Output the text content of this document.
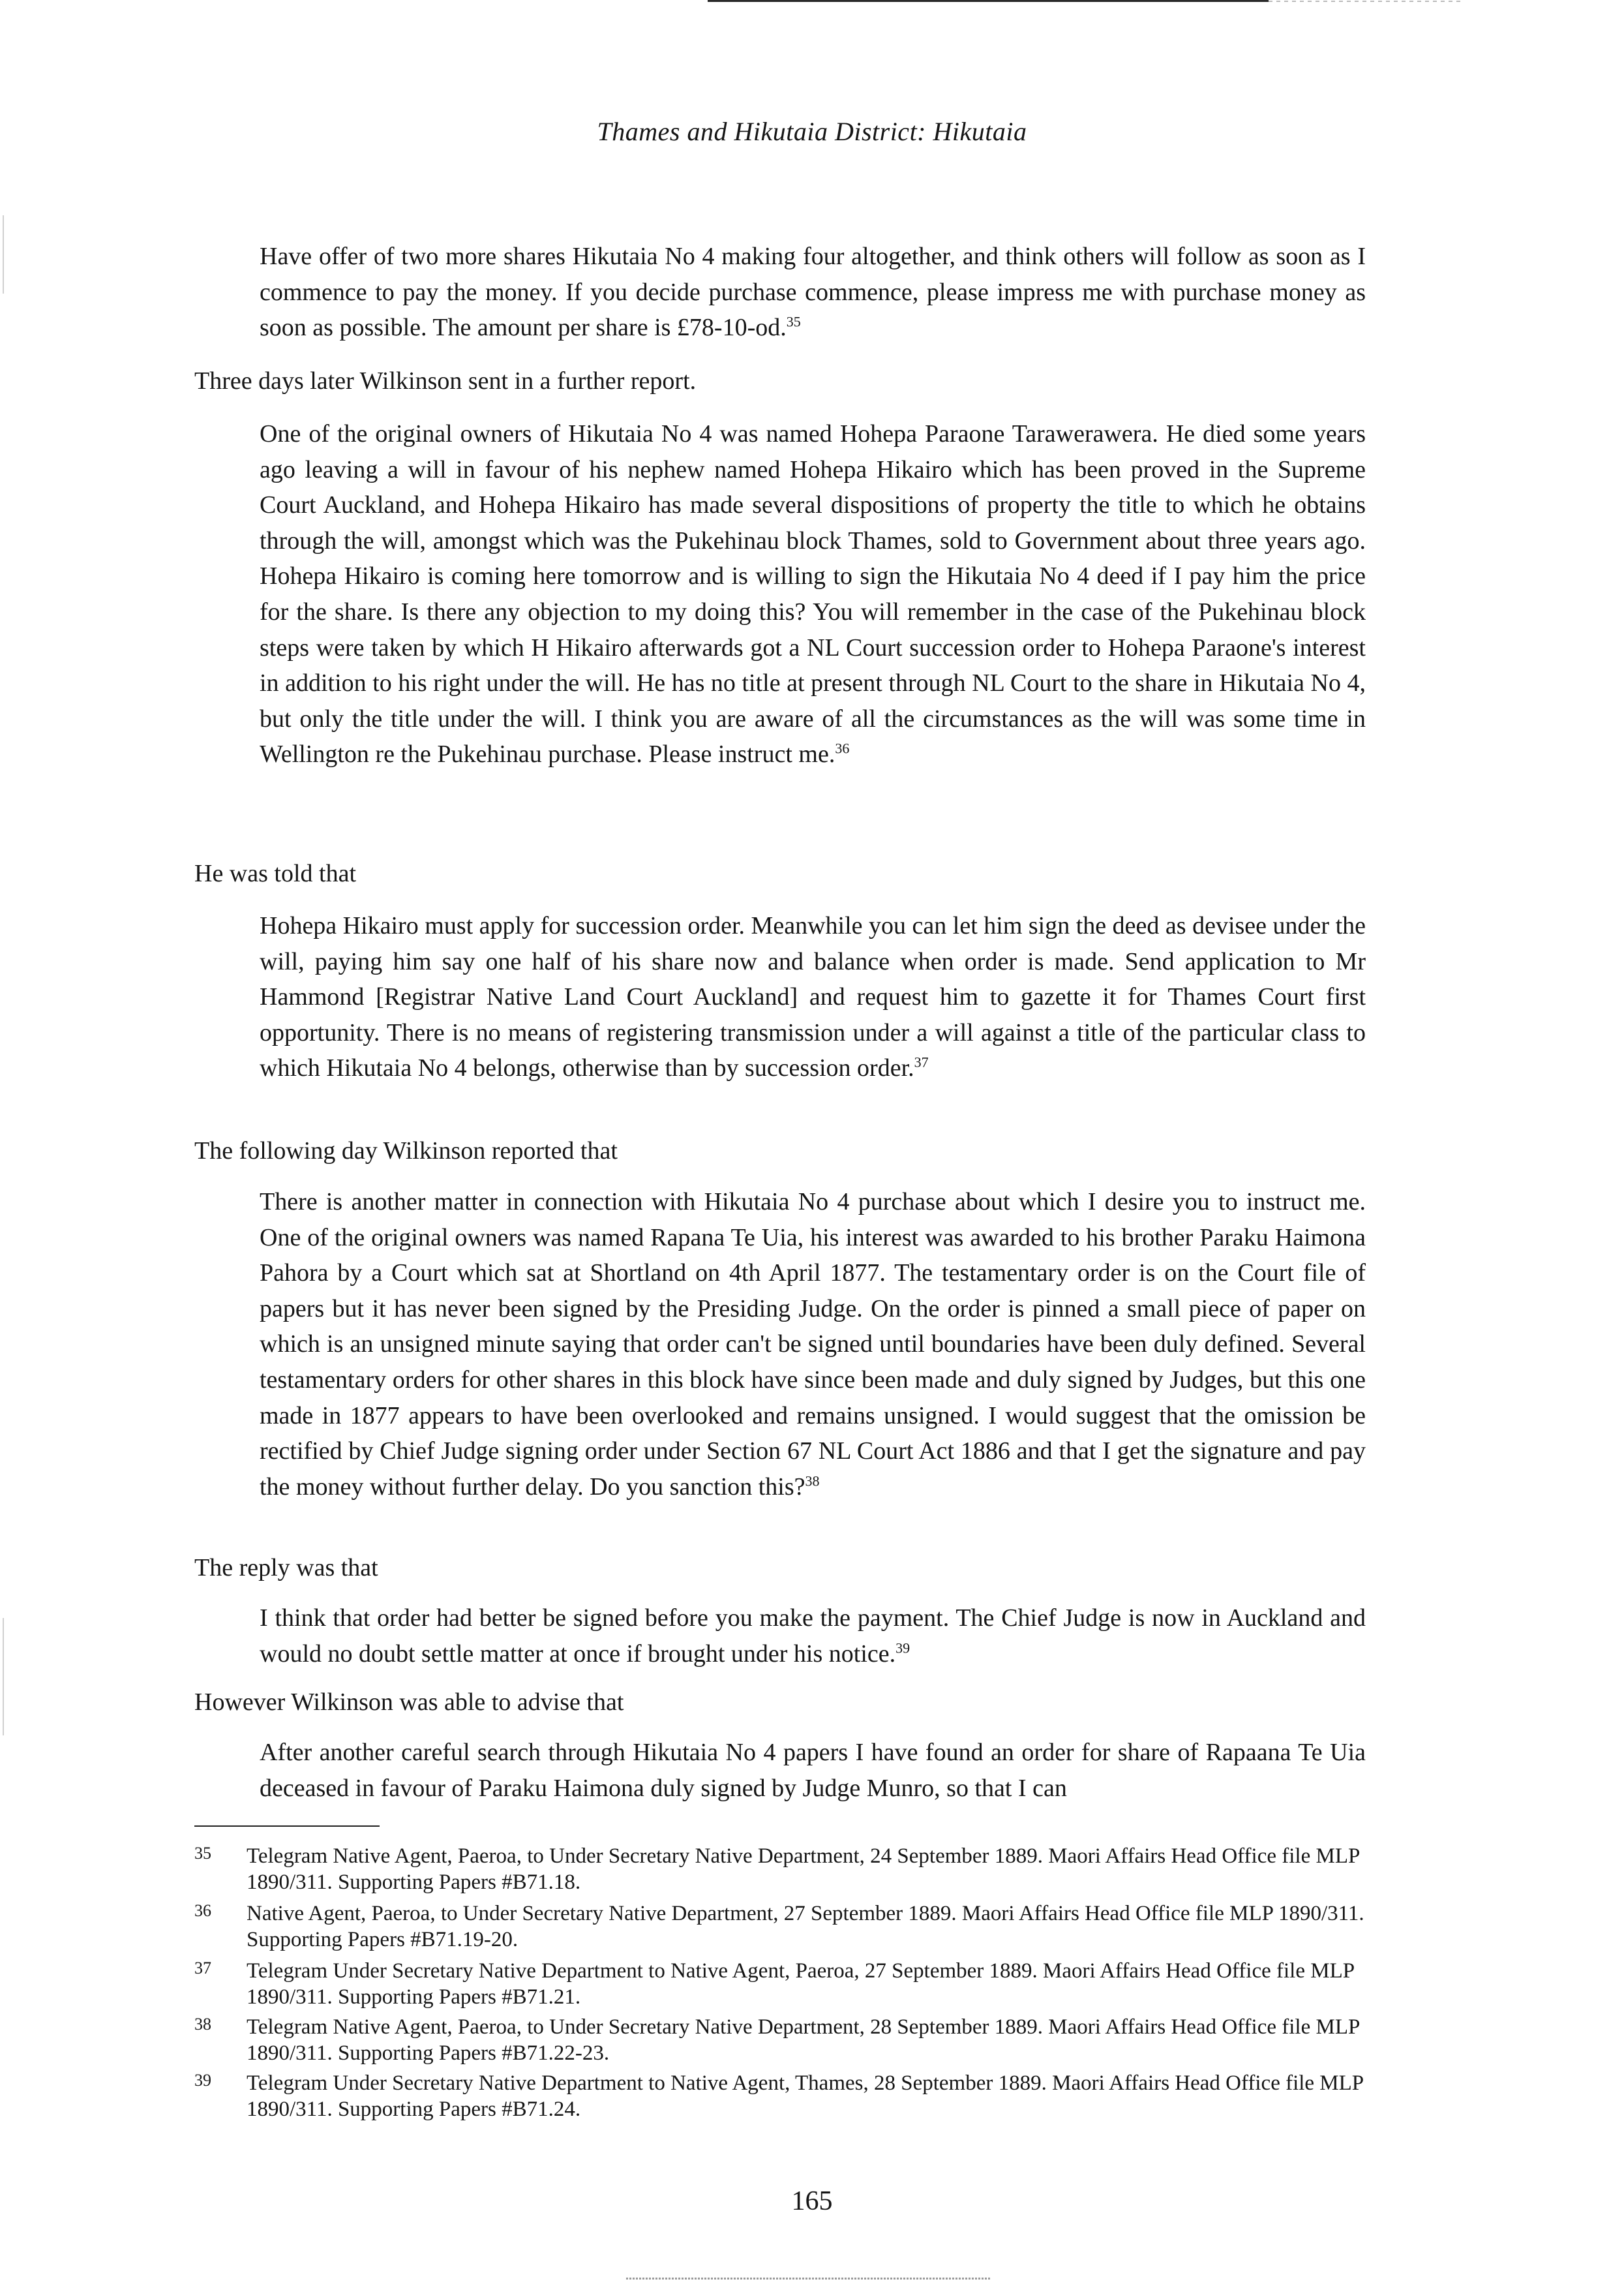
Thames and Hikutaia District: Hikutaia

Have offer of two more shares Hikutaia No 4 making four altogether, and think others will follow as soon as I commence to pay the money. If you decide purchase commence, please impress me with purchase money as soon as possible. The amount per share is £78-10-od.$^{35}$

Three days later Wilkinson sent in a further report.

One of the original owners of Hikutaia No 4 was named Hohepa Paraone Tarawerawera. He died some years ago leaving a will in favour of his nephew named Hohepa Hikairo which has been proved in the Supreme Court Auckland, and Hohepa Hikairo has made several dispositions of property the title to which he obtains through the will, amongst which was the Pukehinau block Thames, sold to Government about three years ago. Hohepa Hikairo is coming here tomorrow and is willing to sign the Hikutaia No 4 deed if I pay him the price for the share. Is there any objection to my doing this? You will remember in the case of the Pukehinau block steps were taken by which H Hikairo afterwards got a NL Court succession order to Hohepa Paraone's interest in addition to his right under the will. He has no title at present through NL Court to the share in Hikutaia No 4, but only the title under the will. I think you are aware of all the circumstances as the will was some time in Wellington re the Pukehinau purchase. Please instruct me.$^{36}$

He was told that

Hohepa Hikairo must apply for succession order. Meanwhile you can let him sign the deed as devisee under the will, paying him say one half of his share now and balance when order is made. Send application to Mr Hammond [Registrar Native Land Court Auckland] and request him to gazette it for Thames Court first opportunity. There is no means of registering transmission under a will against a title of the particular class to which Hikutaia No 4 belongs, otherwise than by succession order.$^{37}$

The following day Wilkinson reported that

There is another matter in connection with Hikutaia No 4 purchase about which I desire you to instruct me. One of the original owners was named Rapana Te Uia, his interest was awarded to his brother Paraku Haimona Pahora by a Court which sat at Shortland on 4th April 1877. The testamentary order is on the Court file of papers but it has never been signed by the Presiding Judge. On the order is pinned a small piece of paper on which is an unsigned minute saying that order can't be signed until boundaries have been duly defined. Several testamentary orders for other shares in this block have since been made and duly signed by Judges, but this one made in 1877 appears to have been overlooked and remains unsigned. I would suggest that the omission be rectified by Chief Judge signing order under Section 67 NL Court Act 1886 and that I get the signature and pay the money without further delay. Do you sanction this?$^{38}$

The reply was that

I think that order had better be signed before you make the payment. The Chief Judge is now in Auckland and would no doubt settle matter at once if brought under his notice.$^{39}$

However Wilkinson was able to advise that

After another careful search through Hikutaia No 4 papers I have found an order for share of Rapaana Te Uia deceased in favour of Paraku Haimona duly signed by Judge Munro, so that I can

35 Telegram Native Agent, Paeroa, to Under Secretary Native Department, 24 September 1889. Maori Affairs Head Office file MLP 1890/311. Supporting Papers #B71.18.
36 Native Agent, Paeroa, to Under Secretary Native Department, 27 September 1889. Maori Affairs Head Office file MLP 1890/311. Supporting Papers #B71.19-20.
37 Telegram Under Secretary Native Department to Native Agent, Paeroa, 27 September 1889. Maori Affairs Head Office file MLP 1890/311. Supporting Papers #B71.21.
38 Telegram Native Agent, Paeroa, to Under Secretary Native Department, 28 September 1889. Maori Affairs Head Office file MLP 1890/311. Supporting Papers #B71.22-23.
39 Telegram Under Secretary Native Department to Native Agent, Thames, 28 September 1889. Maori Affairs Head Office file MLP 1890/311. Supporting Papers #B71.24.
165
